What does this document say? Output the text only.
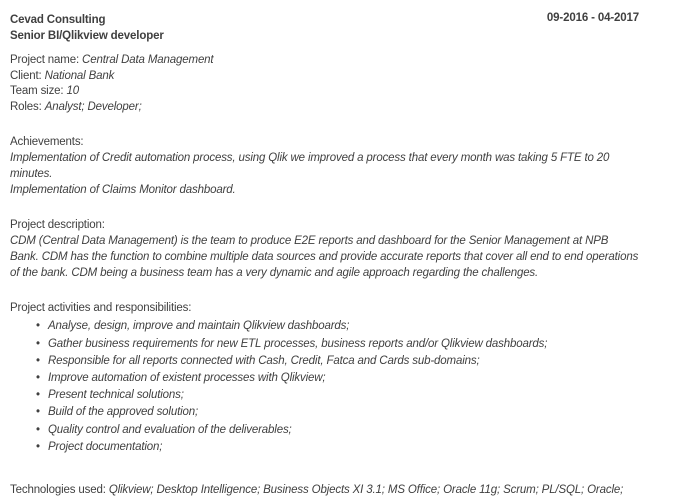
Cevad Consulting
Senior BI/Qlikview developer
09-2016 - 04-2017
Project name: Central Data Management
Client: National Bank
Team size: 10
Roles: Analyst; Developer;
Achievements:
Implementation of Credit automation process, using Qlik we improved a process that every month was taking 5 FTE to 20 minutes.
Implementation of Claims Monitor dashboard.
Project description:
CDM (Central Data Management) is the team to produce E2E reports and dashboard for the Senior Management at NPB Bank. CDM has the function to combine multiple data sources and provide accurate reports that cover all end to end operations of the bank. CDM being a business team has a very dynamic and agile approach regarding the challenges.
Project activities and responsibilities:
• Analyse, design, improve and maintain Qlikview dashboards;
• Gather business requirements for new ETL processes, business reports and/or Qlikview dashboards;
• Responsible for all reports connected with Cash, Credit, Fatca and Cards sub-domains;
• Improve automation of existent processes with Qlikview;
• Present technical solutions;
• Build of the approved solution;
• Quality control and evaluation of the deliverables;
• Project documentation;
Technologies used: Qlikview; Desktop Intelligence; Business Objects XI 3.1; MS Office; Oracle 11g; Scrum; PL/SQL; Oracle;
